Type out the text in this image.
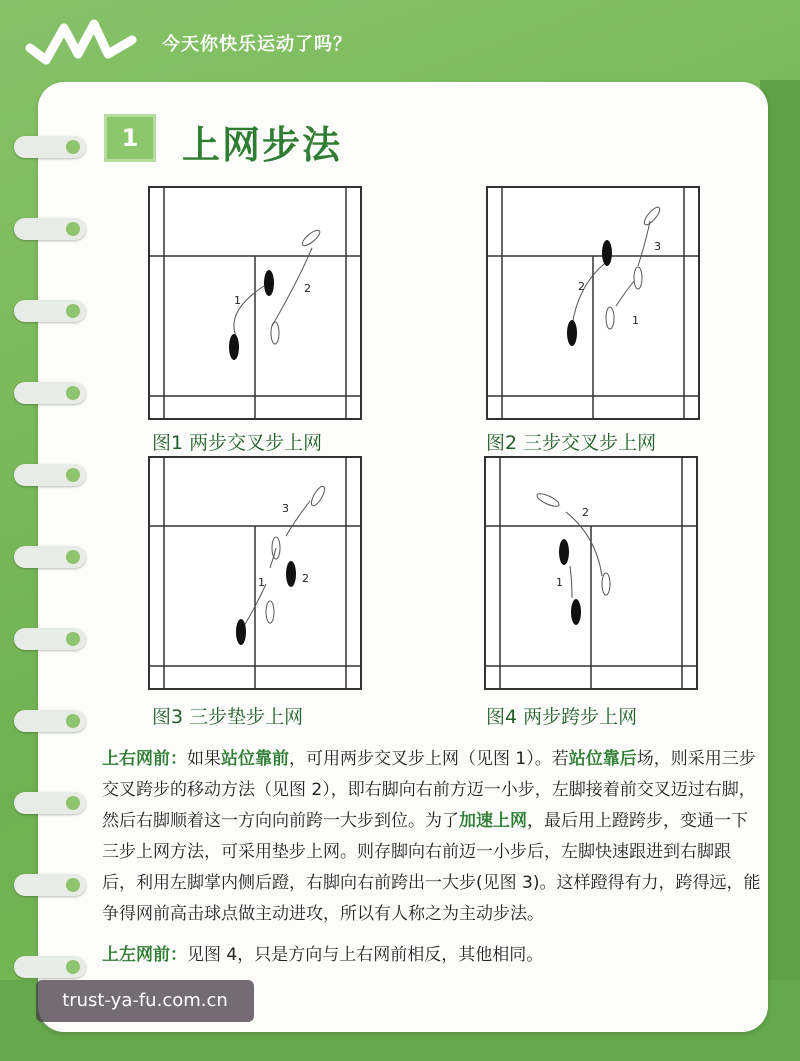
今天你快乐运动了吗？
1	上网步法
1
2
图1 两步交叉步上网
1
2
3
图2 三步交叉步上网
1	2
3
图3 三步垫步上网
1
2
图4 两步跨步上网

上右网前：如果站位靠前，可用两步交叉步上网（见图 1）。若站位靠后场，则采用三步交叉跨步的移动方法（见图 2），即右脚向右前方迈一小步，左脚接着前交叉迈过右脚，然后右脚顺着这一方向向前跨一大步到位。为了加速上网，最后用上蹬跨步，变通一下三步上网方法，可采用垫步上网。则存脚向右前迈一小步后，左脚快速跟进到右脚跟后，利用左脚掌内侧后蹬，右脚向右前跨出一大步(见图 3)。这样蹬得有力，跨得远，能争得网前高击球点做主动进攻，所以有人称之为主动步法。

上左网前：见图 4，只是方向与上右网前相反，其他相同。

trust-ya-fu.com.cn
